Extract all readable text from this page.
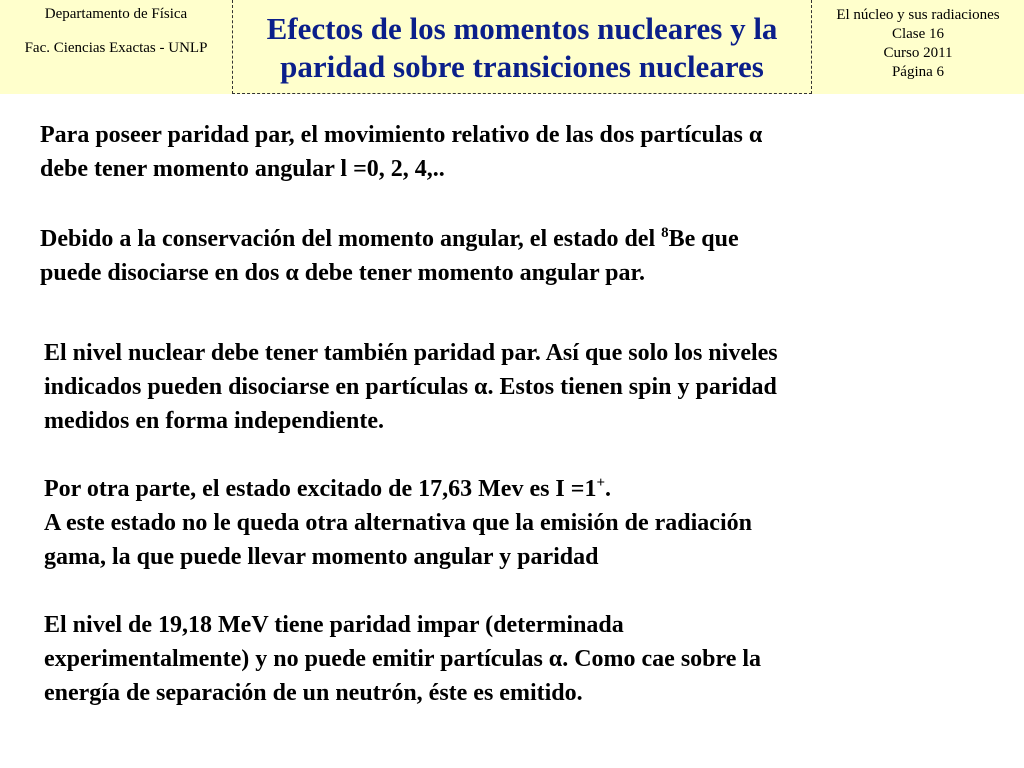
Departamento de Física
Fac. Ciencias Exactas - UNLP
Efectos de los momentos nucleares y la
paridad sobre transiciones nucleares
El núcleo y sus radiaciones
Clase 16
Curso 2011
Página 6
Para poseer paridad par, el movimiento relativo de las dos partículas α
debe tener momento angular l =0, 2, 4,..
Debido a la conservación del momento angular, el estado del $^8$Be que
puede disociarse en dos α debe tener momento angular par.
El nivel nuclear debe tener también paridad par. Así que solo los niveles
indicados pueden disociarse en partículas α. Estos tienen spin y paridad
medidos en forma independiente.
Por otra parte, el estado excitado de 17,63 Mev es I =1+.
A este estado no le queda otra alternativa que la emisión de radiación
gama, la que puede llevar momento angular y paridad
El nivel de 19,18 MeV tiene paridad impar (determinada
experimentalmente) y no puede emitir partículas α. Como cae sobre la
energía de separación de un neutrón, éste es emitido.
